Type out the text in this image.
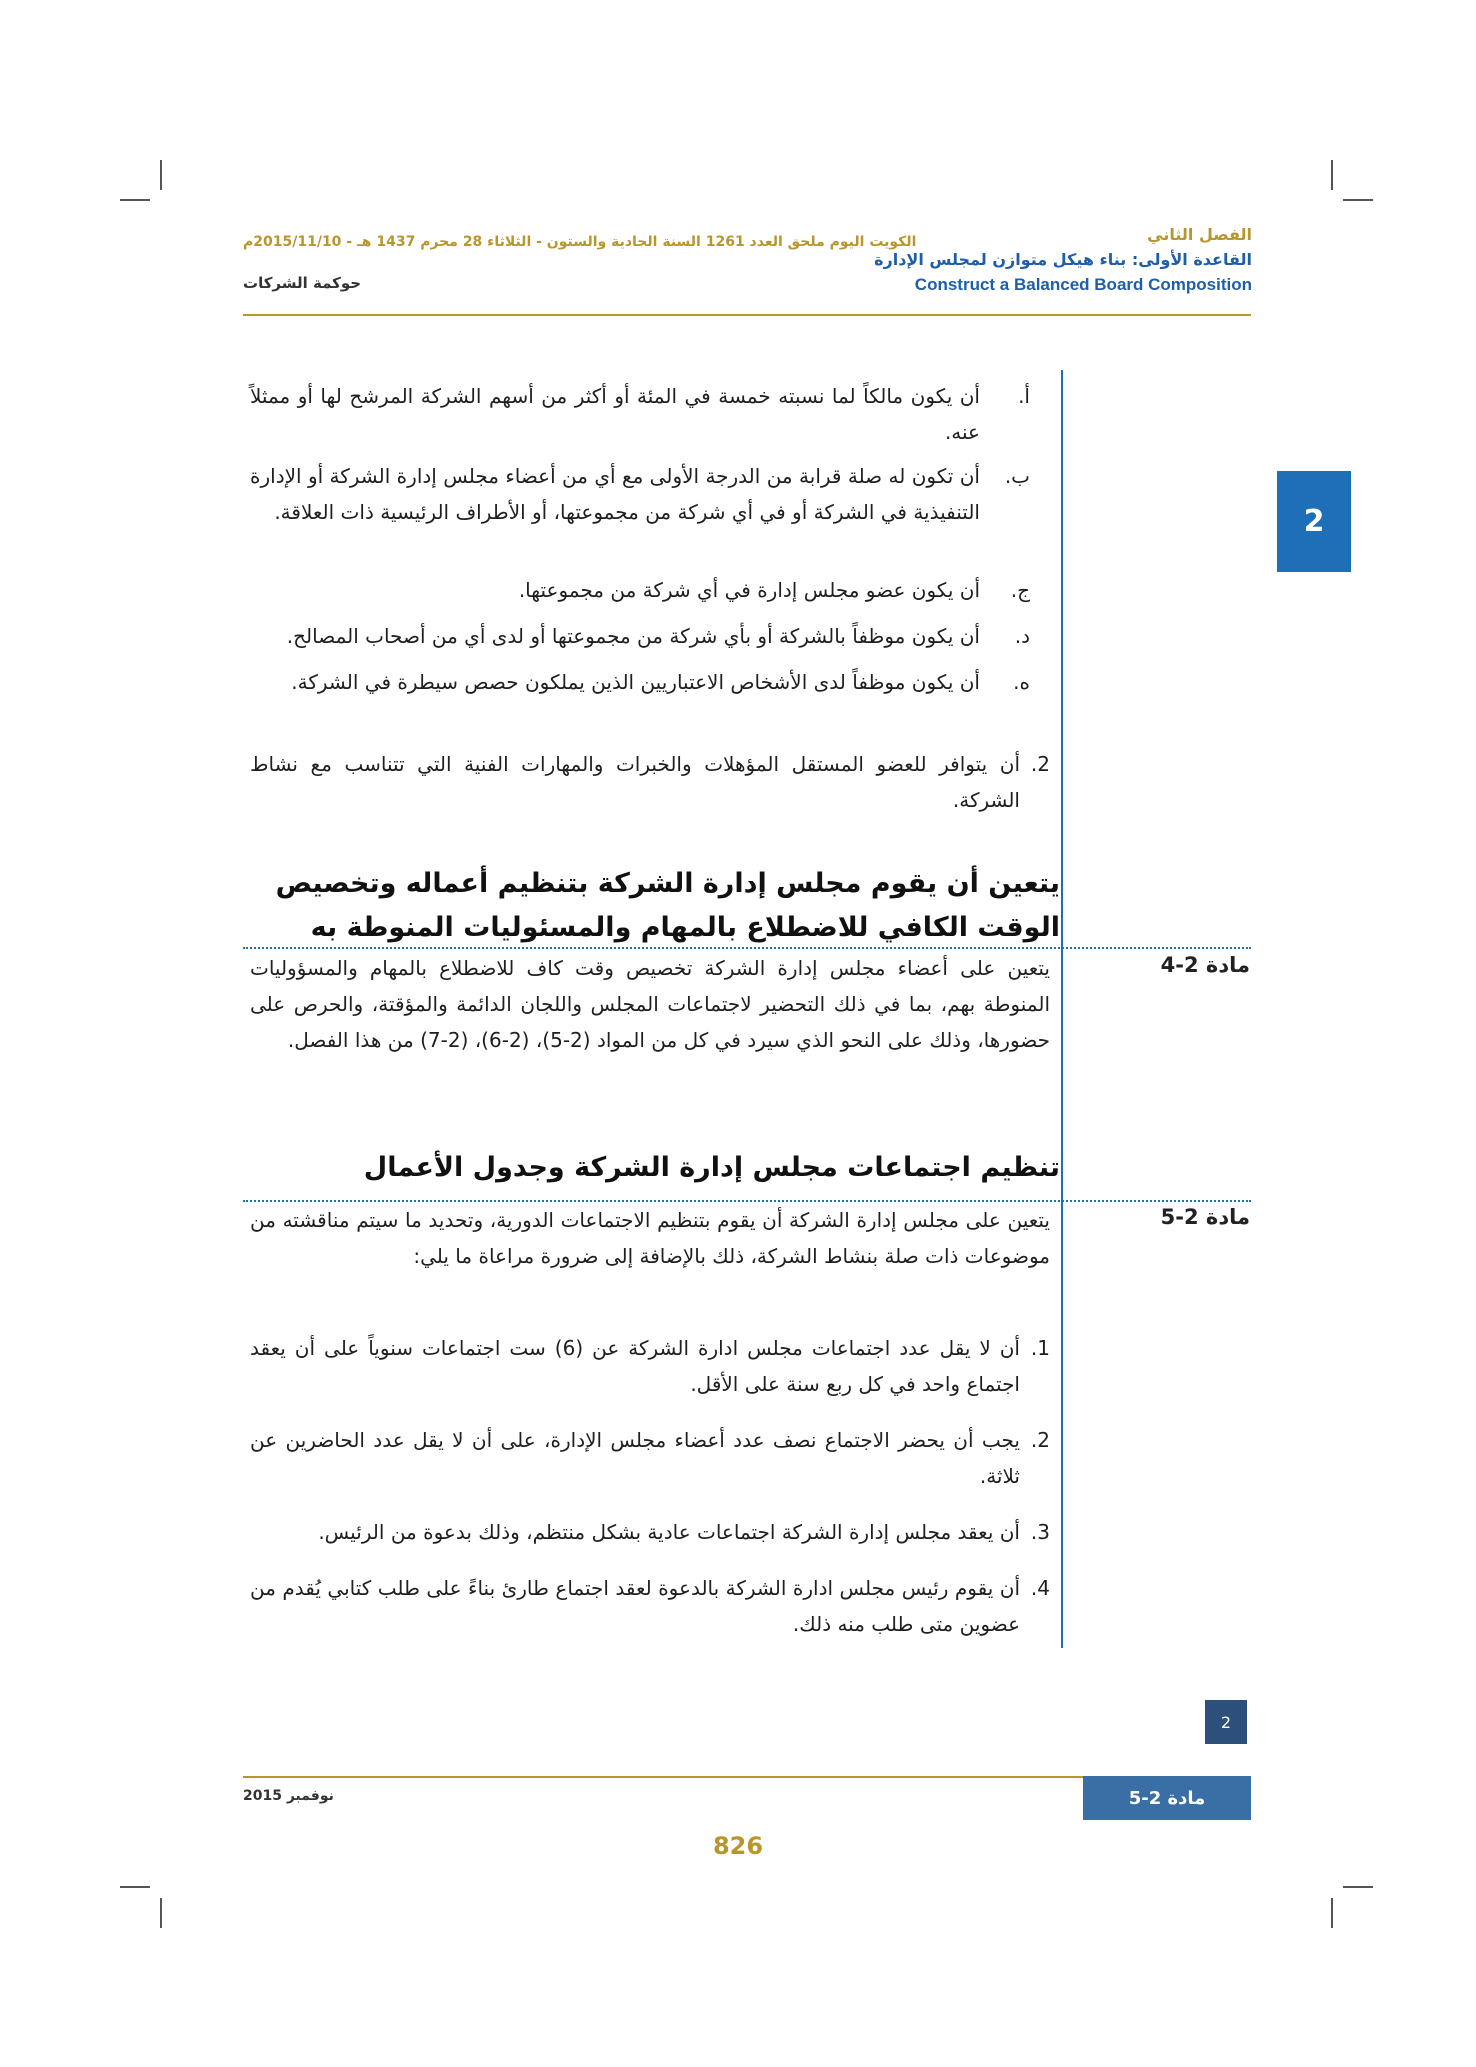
الفصل الثاني
القاعدة الأولى: بناء هيكل متوازن لمجلس الإدارة
Construct a Balanced Board Composition
الكويت اليوم ملحق العدد 1261 السنة الحادية والستون - الثلاثاء 28 محرم 1437 هـ - 2015/11/10م
حوكمة الشركات
2
أ.
أن يكون مالكاً لما نسبته خمسة في المئة أو أكثر من أسهم الشركة المرشح لها أو ممثلاً عنه.
ب.
أن تكون له صلة قرابة من الدرجة الأولى مع أي من أعضاء مجلس إدارة الشركة أو الإدارة التنفيذية في الشركة أو في أي شركة من مجموعتها، أو الأطراف الرئيسية ذات العلاقة.
ج.
أن يكون عضو مجلس إدارة في أي شركة من مجموعتها.
د.
أن يكون موظفاً بالشركة أو بأي شركة من مجموعتها أو لدى أي من أصحاب المصالح.
ه.
أن يكون موظفاً لدى الأشخاص الاعتباريين الذين يملكون حصص سيطرة في الشركة.
2.
أن يتوافر للعضو المستقل المؤهلات والخبرات والمهارات الفنية التي تتناسب مع نشاط الشركة.
يتعين أن يقوم مجلس إدارة الشركة بتنظيم أعماله وتخصيص الوقت الكافي للاضطلاع بالمهام والمسئوليات المنوطة به
مادة 2-4
يتعين على أعضاء مجلس إدارة الشركة تخصيص وقت كاف للاضطلاع بالمهام والمسؤوليات المنوطة بهم، بما في ذلك التحضير لاجتماعات المجلس واللجان الدائمة والمؤقتة، والحرص على حضورها، وذلك على النحو الذي سيرد في كل من المواد (2-5)، (2-6)، (2-7) من هذا الفصل.
تنظيم اجتماعات مجلس إدارة الشركة وجدول الأعمال
مادة 2-5
يتعين على مجلس إدارة الشركة أن يقوم بتنظيم الاجتماعات الدورية، وتحديد ما سيتم مناقشته من موضوعات ذات صلة بنشاط الشركة، ذلك بالإضافة إلى ضرورة مراعاة ما يلي:
1.
أن لا يقل عدد اجتماعات مجلس ادارة الشركة عن (6) ست اجتماعات سنوياً على أن يعقد اجتماع واحد في كل ربع سنة على الأقل.
2.
يجب أن يحضر الاجتماع نصف عدد أعضاء مجلس الإدارة، على أن لا يقل عدد الحاضرين عن ثلاثة.
3.
أن يعقد مجلس إدارة الشركة اجتماعات عادية بشكل منتظم، وذلك بدعوة من الرئيس.
4.
أن يقوم رئيس مجلس ادارة الشركة بالدعوة لعقد اجتماع طارئ بناءً على طلب كتابي يُقدم من عضوين متى طلب منه ذلك.
2
مادة 2-5
نوفمبر 2015
826
